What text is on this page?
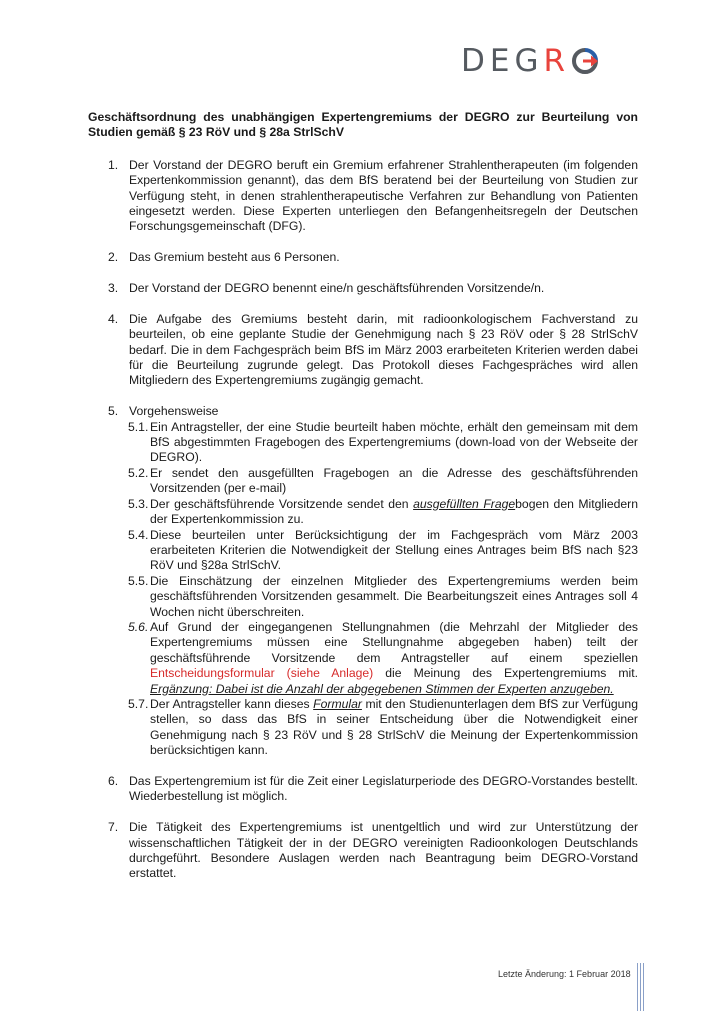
DEGR
Geschäftsordnung des unabhängigen Expertengremiums der DEGRO zur Beurteilung von Studien gemäß § 23 RöV und § 28a StrlSchV
1. Der Vorstand der DEGRO beruft ein Gremium erfahrener Strahlentherapeuten (im folgenden Expertenkommission genannt), das dem BfS beratend bei der Beurteilung von Studien zur Verfügung steht, in denen strahlentherapeutische Verfahren zur Behandlung von Patienten eingesetzt werden. Diese Experten unterliegen den Befangenheitsregeln der Deutschen Forschungsgemeinschaft (DFG).
2. Das Gremium besteht aus 6 Personen.
3. Der Vorstand der DEGRO benennt eine/n geschäftsführenden Vorsitzende/n.
4. Die Aufgabe des Gremiums besteht darin, mit radioonkologischem Fachverstand zu beurteilen, ob eine geplante Studie der Genehmigung nach § 23 RöV oder § 28 StrlSchV bedarf. Die in dem Fachgespräch beim BfS im März 2003 erarbeiteten Kriterien werden dabei für die Beurteilung zugrunde gelegt. Das Protokoll dieses Fachgespräches wird allen Mitgliedern des Expertengremiums zugängig gemacht.
5. Vorgehensweise
5.1. Ein Antragsteller, der eine Studie beurteilt haben möchte, erhält den gemeinsam mit dem BfS abgestimmten Fragebogen des Expertengremiums (down-load von der Webseite der DEGRO).
5.2. Er sendet den ausgefüllten Fragebogen an die Adresse des geschäftsführenden Vorsitzenden (per e-mail)
5.3. Der geschäftsführende Vorsitzende sendet den ausgefüllten Fragebogen den Mitgliedern der Expertenkommission zu.
5.4. Diese beurteilen unter Berücksichtigung der im Fachgespräch vom März 2003 erarbeiteten Kriterien die Notwendigkeit der Stellung eines Antrages beim BfS nach §23 RöV und §28a StrlSchV.
5.5. Die Einschätzung der einzelnen Mitglieder des Expertengremiums werden beim geschäftsführenden Vorsitzenden gesammelt. Die Bearbeitungszeit eines Antrages soll 4 Wochen nicht überschreiten.
5.6. Auf Grund der eingegangenen Stellungnahmen (die Mehrzahl der Mitglieder des Expertengremiums müssen eine Stellungnahme abgegeben haben) teilt der geschäftsführende Vorsitzende dem Antragsteller auf einem speziellen Entscheidungsformular (siehe Anlage) die Meinung des Expertengremiums mit. Ergänzung: Dabei ist die Anzahl der abgegebenen Stimmen der Experten anzugeben.
5.7. Der Antragsteller kann dieses Formular mit den Studienunterlagen dem BfS zur Verfügung stellen, so dass das BfS in seiner Entscheidung über die Notwendigkeit einer Genehmigung nach § 23 RöV und § 28 StrlSchV die Meinung der Expertenkommission berücksichtigen kann.
6. Das Expertengremium ist für die Zeit einer Legislaturperiode des DEGRO-Vorstandes bestellt. Wiederbestellung ist möglich.
7. Die Tätigkeit des Expertengremiums ist unentgeltlich und wird zur Unterstützung der wissenschaftlichen Tätigkeit der in der DEGRO vereinigten Radioonkologen Deutschlands durchgeführt. Besondere Auslagen werden nach Beantragung beim DEGRO-Vorstand erstattet.
Letzte Änderung: 1 Februar 2018
